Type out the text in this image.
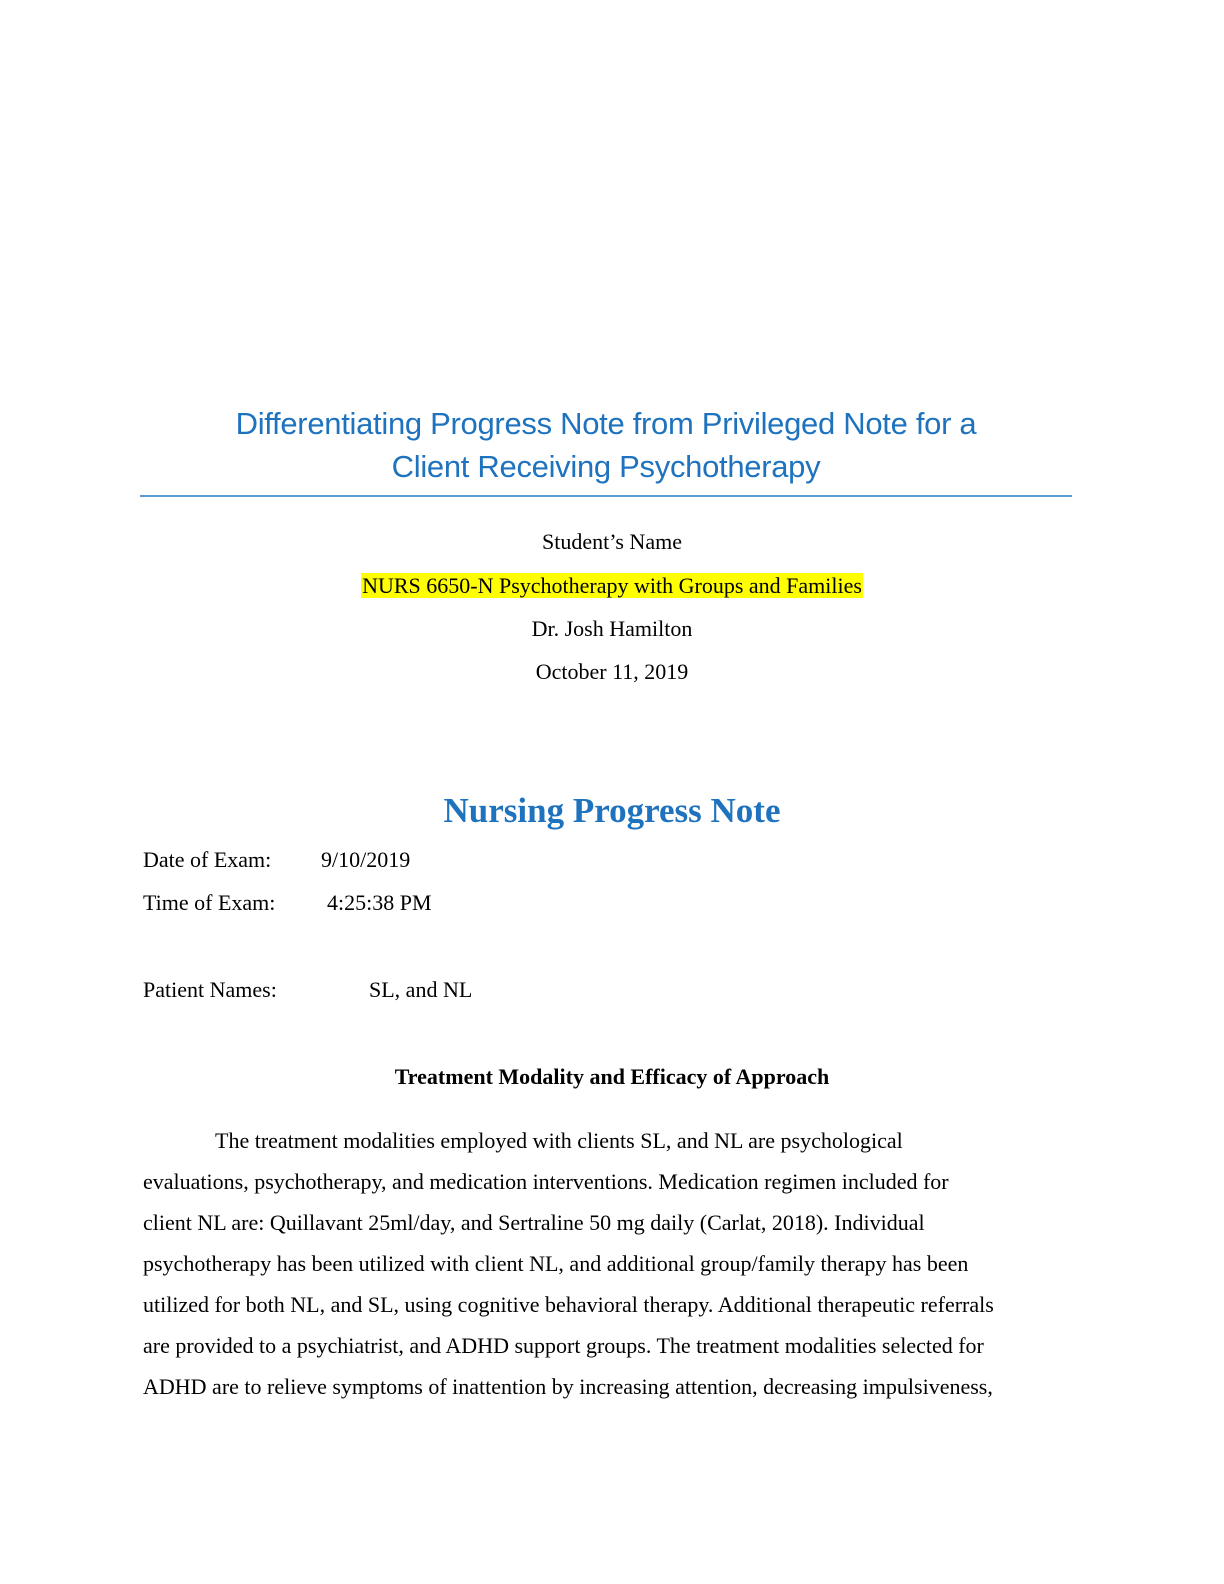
Differentiating Progress Note from Privileged Note for a
Client Receiving Psychotherapy
Student’s Name
NURS 6650-N Psychotherapy with Groups and Families
Dr. Josh Hamilton
October 11, 2019
Nursing Progress Note
Date of Exam: 9/10/2019
Time of Exam: 4:25:38 PM
Patient Names:	SL, and NL
Treatment Modality and Efficacy of Approach

The treatment modalities employed with clients SL, and NL are psychological
evaluations, psychotherapy, and medication interventions. Medication regimen included for
client NL are: Quillavant 25ml/day, and Sertraline 50 mg daily (Carlat, 2018). Individual
psychotherapy has been utilized with client NL, and additional group/family therapy has been
utilized for both NL, and SL, using cognitive behavioral therapy. Additional therapeutic referrals
are provided to a psychiatrist, and ADHD support groups. The treatment modalities selected for
ADHD are to relieve symptoms of inattention by increasing attention, decreasing impulsiveness,
